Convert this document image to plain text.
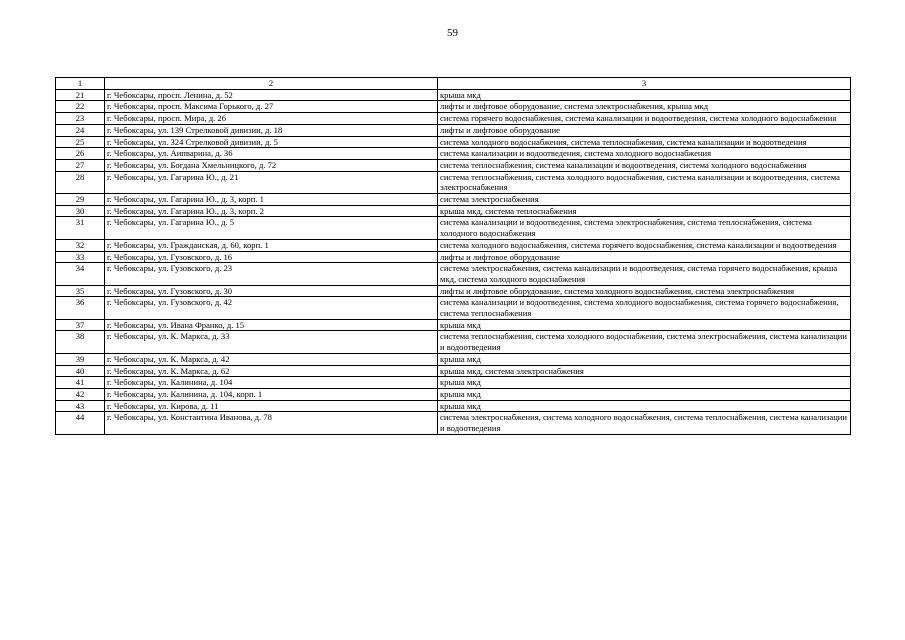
59
1	2	3
21	г. Чебоксары, просп. Ленина, д. 52	крыша мкд
22	г. Чебоксары, просп. Максима Горького, д. 27	лифты и лифтовое оборудование, система электроснабжения, крыша мкд
23	г. Чебоксары, просп. Мира, д. 26	система горячего водоснабжения, система канализации и водоотведения, система холодного водоснабжения
24	г. Чебоксары, ул. 139 Стрелковой дивизии, д. 18	лифты и лифтовое оборудование
25	г. Чебоксары, ул. 324 Стрелковой дивизии, д. 5	система холодного водоснабжения, система теплоснабжения, система канализации и водоотведения
26	г. Чебоксары, ул. Аипварина, д. 36	система канализации и водоотведения, система холодного водоснабжения
27	г. Чебоксары, ул. Богдана Хмельницкого, д. 72	система теплоснабжения, система канализации и водоотведения, система холодного водоснабжения
28	г. Чебоксары, ул. Гагарина Ю., д. 21	система теплоснабжения, система холодного водоснабжения, система канализации и водоотведения, система электроснабжения
29	г. Чебоксары, ул. Гагарина Ю., д. 3, корп. 1	система электроснабжения
30	г. Чебоксары, ул. Гагарина Ю., д. 3, корп. 2	крыша мкд, система теплоснабжения
31	г. Чебоксары, ул. Гагарина Ю., д. 5	система канализации и водоотведения, система электроснабжения, система теплоснабжения, система холодного водоснабжения
32	г. Чебоксары, ул. Гражданская, д. 60, корп. 1	система холодного водоснабжения, система горячего водоснабжения, система канализации и водоотведения
33	г. Чебоксары, ул. Гузовского, д. 16	лифты и лифтовое оборудование
34	г. Чебоксары, ул. Гузовского, д. 23	система электроснабжения, система канализации и водоотведения, система горячего водоснабжения, крыша мкд, система холодного водоснабжения
35	г. Чебоксары, ул. Гузовского, д. 30	лифты и лифтовое оборудование, система холодного водоснабжения, система электроснабжения
36	г. Чебоксары, ул. Гузовского, д. 42	система канализации и водоотведения, система холодного водоснабжения, система горячего водоснабжения, система теплоснабжения
37	г. Чебоксары, ул. Ивана Франко, д. 15	крыша мкд
38	г. Чебоксары, ул. К. Маркса, д. 33	система теплоснабжения, система холодного водоснабжения, система электроснабжения, система канализации и водоотведения
39	г. Чебоксары, ул. К. Маркса, д. 42	крыша мкд
40	г. Чебоксары, ул. К. Маркса, д. 62	крыша мкд, система электроснабжения
41	г. Чебоксары, ул. Калинина, д. 104	крыша мкд
42	г. Чебоксары, ул. Калинина, д. 104, корп. 1	крыша мкд
43	г. Чебоксары, ул. Кирова, д. 11	крыша мкд
44	г. Чебоксары, ул. Константина Иванова, д. 78	система электроснабжения, система холодного водоснабжения, система теплоснабжения, система канализации и водоотведения
